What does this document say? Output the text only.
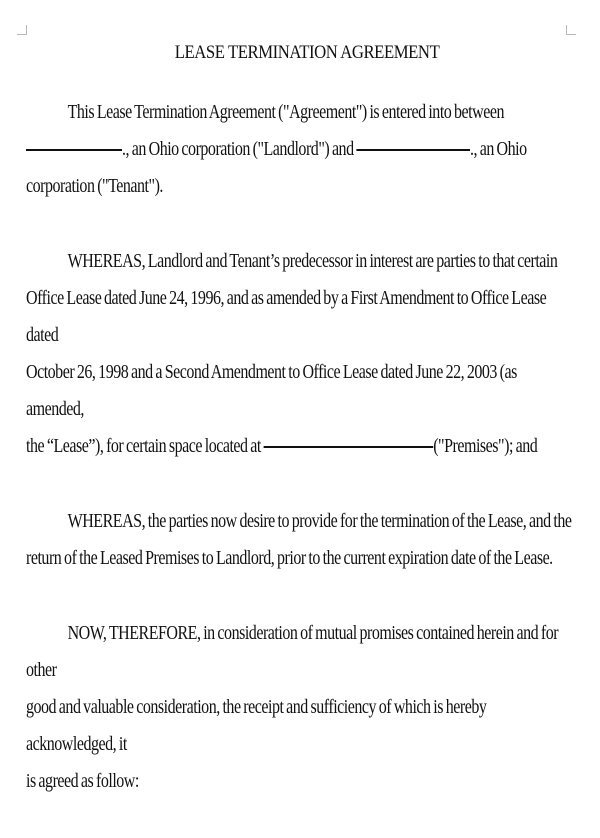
LEASE TERMINATION AGREEMENT
This Lease Termination Agreement ("Agreement") is entered into between
., an Ohio corporation ("Landlord") and	., an Ohio
corporation ("Tenant").
WHEREAS, Landlord and Tenant’s predecessor in interest are parties to that certain
Office Lease dated June 24, 1996, and as amended by a First Amendment to Office Lease dated
October 26, 1998 and a Second Amendment to Office Lease dated June 22, 2003 (as amended,
the “Lease”), for certain space located at	("Premises"); and
WHEREAS, the parties now desire to provide for the termination of the Lease, and the
return of the Leased Premises to Landlord, prior to the current expiration date of the Lease.
NOW, THEREFORE, in consideration of mutual promises contained herein and for other
good and valuable consideration, the receipt and sufficiency of which is hereby acknowledged, it
is agreed as follow:
